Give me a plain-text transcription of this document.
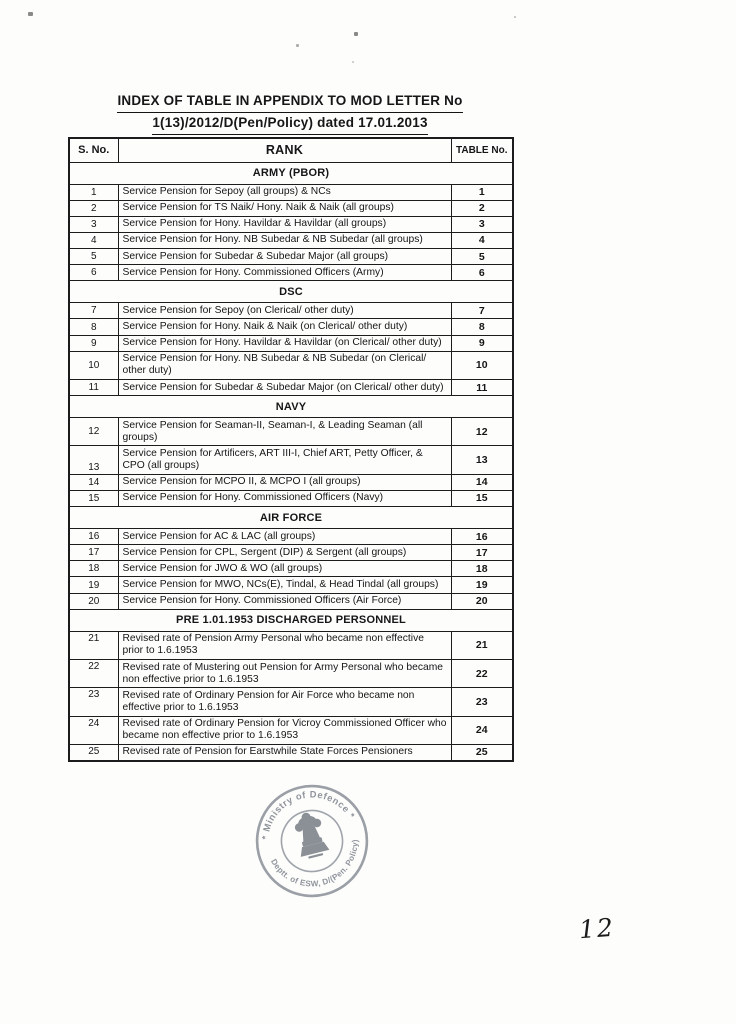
INDEX OF TABLE IN APPENDIX TO MOD LETTER No
1(13)/2012/D(Pen/Policy) dated 17.01.2013
S. No.	RANK	TABLE No.
ARMY (PBOR)		
1	Service Pension for Sepoy (all groups) & NCs	1
2	Service Pension for TS Naik/ Hony. Naik & Naik (all groups)	2
3	Service Pension for Hony. Havildar & Havildar (all groups)	3
4	Service Pension for Hony. NB Subedar & NB Subedar (all groups)	4
5	Service Pension for Subedar & Subedar Major (all groups)	5
6	Service Pension for Hony. Commissioned Officers (Army)	6
DSC		
7	Service Pension for Sepoy (on Clerical/ other duty)	7
8	Service Pension for Hony. Naik & Naik (on Clerical/ other duty)	8
9	Service Pension for Hony. Havildar & Havildar (on Clerical/ other duty)	9
10	Service Pension for Hony. NB Subedar & NB Subedar (on Clerical/ other duty)	10
11	Service Pension for Subedar & Subedar Major (on Clerical/ other duty)	11
NAVY		
12	Service Pension for Seaman-II, Seaman-I, & Leading Seaman (all groups)	12
13	Service Pension for Artificers, ART III-I, Chief ART, Petty Officer, & CPO (all groups)	13
14	Service Pension for MCPO II, & MCPO I (all groups)	14
15	Service Pension for Hony. Commissioned Officers (Navy)	15
AIR FORCE		
16	Service Pension for AC & LAC (all groups)	16
17	Service Pension for CPL, Sergent (DIP) & Sergent (all groups)	17
18	Service Pension for JWO & WO (all groups)	18
19	Service Pension for MWO, NCs(E), Tindal, & Head Tindal (all groups)	19
20	Service Pension for Hony. Commissioned Officers (Air Force)	20
PRE 1.01.1953 DISCHARGED PERSONNEL		
21	Revised rate of Pension Army Personal who became non effective prior to 1.6.1953	21
22	Revised rate of Mustering out Pension for Army Personal who became non effective prior to 1.6.1953	22
23	Revised rate of Ordinary Pension for Air Force who became non effective prior to 1.6.1953	23
24	Revised rate of Ordinary Pension for Vicroy Commissioned Officer who became non effective prior to 1.6.1953	24
25	Revised rate of Pension for Earstwhile State Forces Pensioners	25
* Ministry of Defence *
Deptt. of ESW, D/(Pen. Policy)
12
